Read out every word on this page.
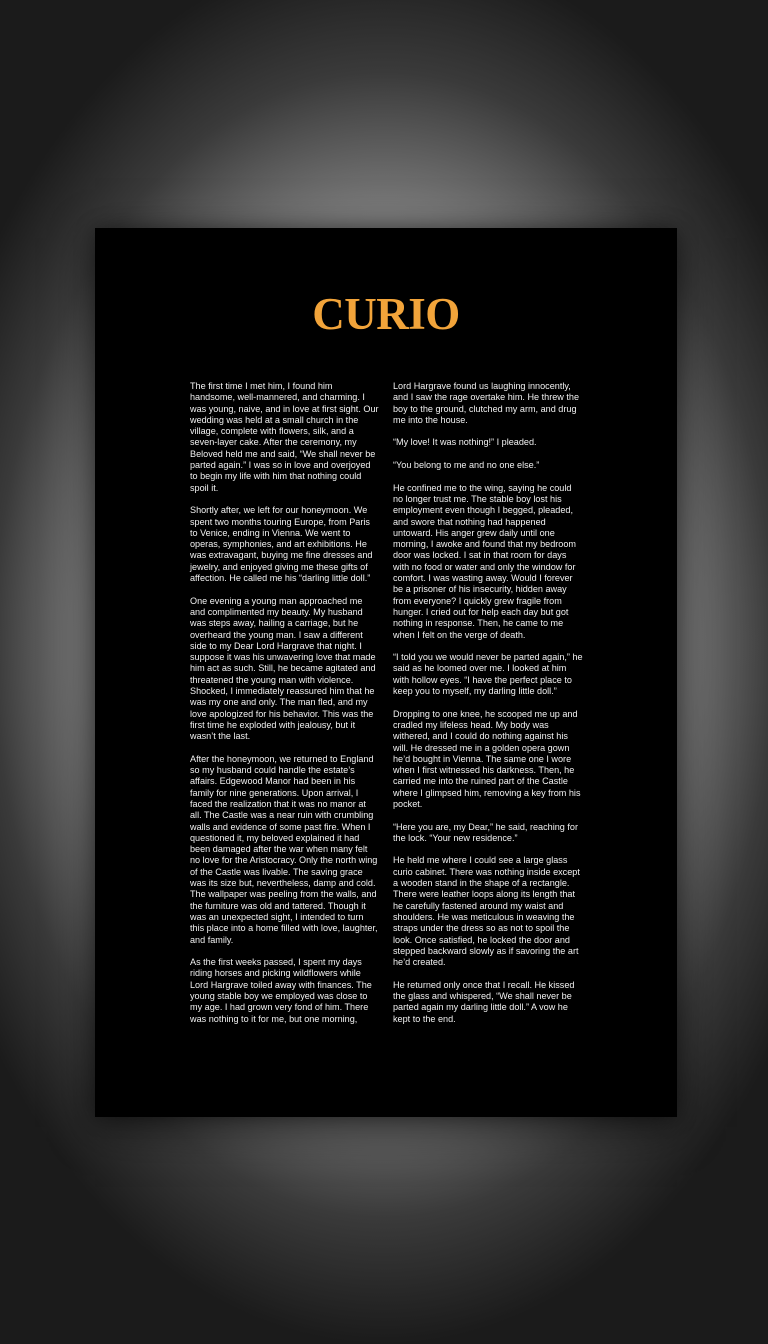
CURIO

The first time I met him, I found him handsome, well-mannered, and charming. I was young, naive, and in love at first sight. Our wedding was held at a small church in the village, complete with flowers, silk, and a seven-layer cake. After the ceremony, my Beloved held me and said, “We shall never be parted again.” I was so in love and overjoyed to begin my life with him that nothing could spoil it.

Shortly after, we left for our honeymoon. We spent two months touring Europe, from Paris to Venice, ending in Vienna. We went to operas, symphonies, and art exhibitions. He was extravagant, buying me fine dresses and jewelry, and enjoyed giving me these gifts of affection. He called me his “darling little doll.”

One evening a young man approached me and complimented my beauty. My husband was steps away, hailing a carriage, but he overheard the young man. I saw a different side to my Dear Lord Hargrave that night. I suppose it was his unwavering love that made him act as such. Still, he became agitated and threatened the young man with violence. Shocked, I immediately reassured him that he was my one and only. The man fled, and my love apologized for his behavior. This was the first time he exploded with jealousy, but it wasn’t the last.

After the honeymoon, we returned to England so my husband could handle the estate’s affairs. Edgewood Manor had been in his family for nine generations. Upon arrival, I faced the realization that it was no manor at all. The Castle was a near ruin with crumbling walls and evidence of some past fire. When I questioned it, my beloved explained it had been damaged after the war when many felt no love for the Aristocracy. Only the north wing of the Castle was livable. The saving grace was its size but, nevertheless, damp and cold. The wallpaper was peeling from the walls, and the furniture was old and tattered. Though it was an unexpected sight, I intended to turn this place into a home filled with love, laughter, and family.

As the first weeks passed, I spent my days riding horses and picking wildflowers while Lord Hargrave toiled away with finances. The young stable boy we employed was close to my age. I had grown very fond of him. There was nothing to it for me, but one morning,

Lord Hargrave found us laughing innocently, and I saw the rage overtake him. He threw the boy to the ground, clutched my arm, and drug me into the house.

“My love! It was nothing!” I pleaded.

“You belong to me and no one else.”

He confined me to the wing, saying he could no longer trust me. The stable boy lost his employment even though I begged, pleaded, and swore that nothing had happened untoward. His anger grew daily until one morning, I awoke and found that my bedroom door was locked. I sat in that room for days with no food or water and only the window for comfort. I was wasting away. Would I forever be a prisoner of his insecurity, hidden away from everyone? I quickly grew fragile from hunger. I cried out for help each day but got nothing in response. Then, he came to me when I felt on the verge of death.

“I told you we would never be parted again,” he said as he loomed over me. I looked at him with hollow eyes. “I have the perfect place to keep you to myself, my darling little doll.”

Dropping to one knee, he scooped me up and cradled my lifeless head. My body was withered, and I could do nothing against his will. He dressed me in a golden opera gown he’d bought in Vienna. The same one I wore when I first witnessed his darkness. Then, he carried me into the ruined part of the Castle where I glimpsed him, removing a key from his pocket.

“Here you are, my Dear,” he said, reaching for the lock. “Your new residence.”

He held me where I could see a large glass curio cabinet. There was nothing inside except a wooden stand in the shape of a rectangle. There were leather loops along its length that he carefully fastened around my waist and shoulders. He was meticulous in weaving the straps under the dress so as not to spoil the look. Once satisfied, he locked the door and stepped backward slowly as if savoring the art he’d created.

He returned only once that I recall. He kissed the glass and whispered, “We shall never be parted again my darling little doll.” A vow he kept to the end.
